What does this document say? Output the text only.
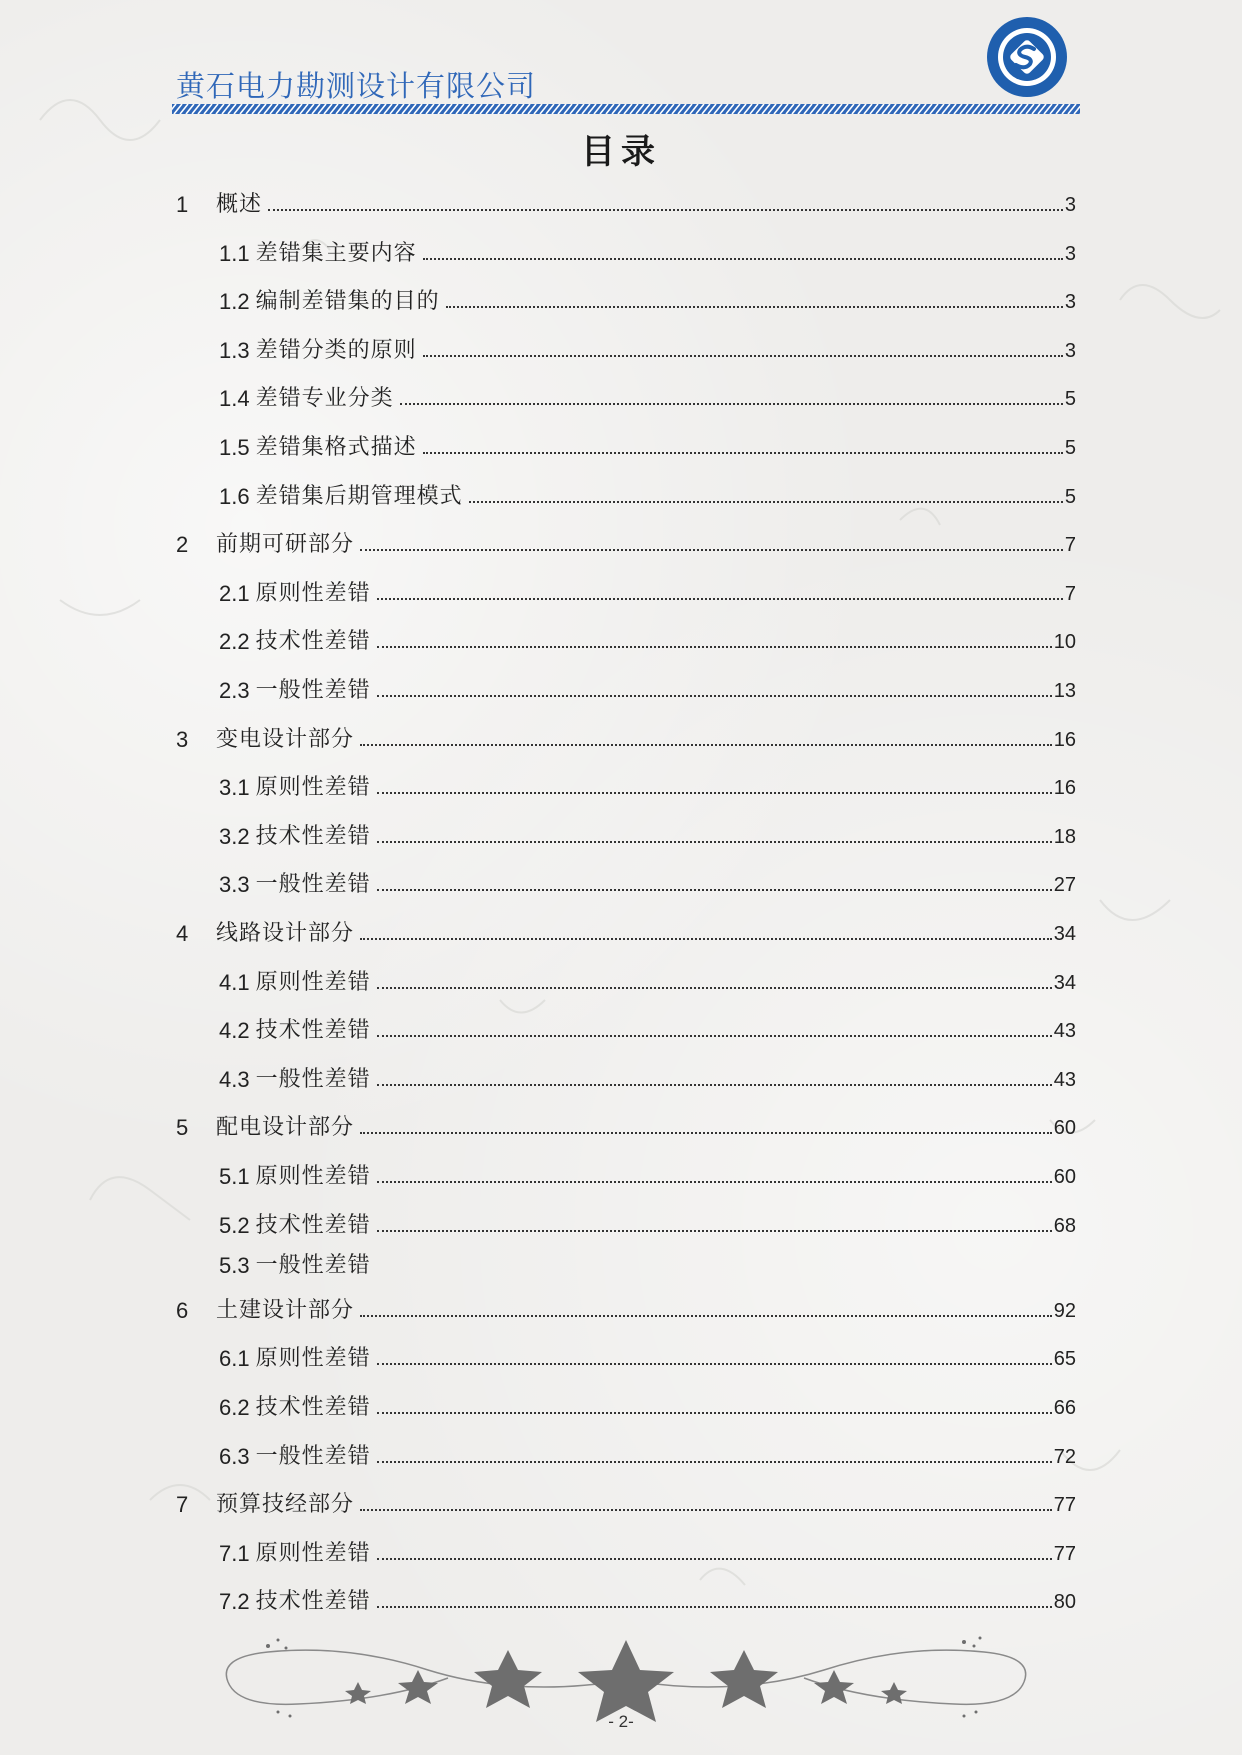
黄石电力勘测设计有限公司
目录
1	概述	3
1.1 差错集主要内容	3
1.2 编制差错集的目的	3
1.3 差错分类的原则	3
1.4 差错专业分类	5
1.5 差错集格式描述	5
1.6 差错集后期管理模式	5
2	前期可研部分	7
2.1 原则性差错	7
2.2 技术性差错	10
2.3 一般性差错	13
3	变电设计部分	16
3.1 原则性差错	16
3.2 技术性差错	18
3.3 一般性差错	27
4	线路设计部分	34
4.1 原则性差错	34
4.2 技术性差错	43
4.3 一般性差错	43
5	配电设计部分	60
5.1 原则性差错	60
5.2 技术性差错	68
5.3 一般性差错
6	土建设计部分	92
6.1 原则性差错	65
6.2 技术性差错	66
6.3 一般性差错	72
7	预算技经部分	77
7.1 原则性差错	77
7.2 技术性差错	80
- 2-
